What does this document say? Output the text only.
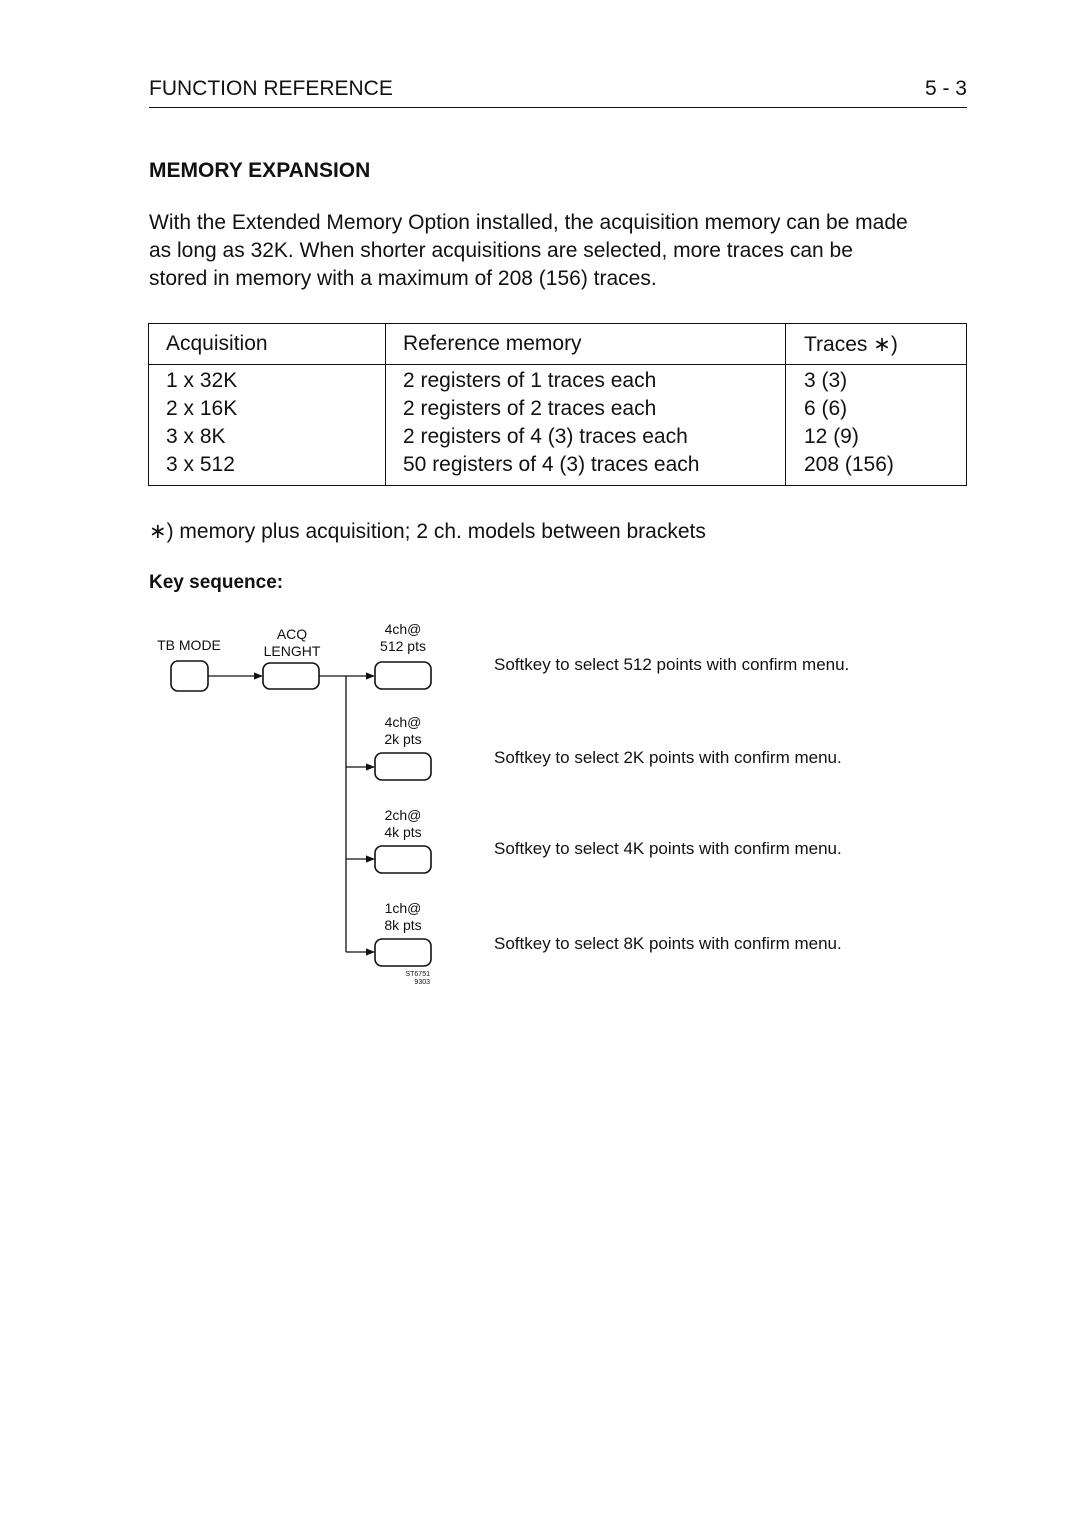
FUNCTION REFERENCE	5 - 3
MEMORY EXPANSION
With the Extended Memory Option installed, the acquisition memory can be made
as long as 32K. When shorter acquisitions are selected, more traces can be
stored in memory with a maximum of 208 (156) traces.
Acquisition	Reference memory	Traces ∗)
1 x 32K	2 registers of 1 traces each	3 (3)
2 x 16K	2 registers of 2 traces each	6 (6)
3 x 8K	2 registers of 4 (3) traces each	12 (9)
3 x 512	50 registers of 4 (3) traces each	208 (156)
∗) memory plus acquisition; 2 ch. models between brackets
Key sequence:
TB MODE
ACQ
LENGHT
4ch@
512 pts
4ch@
2k pts
2ch@
4k pts
1ch@
8k pts
ST6751
9303
Softkey to select 512 points with confirm menu.
Softkey to select 2K points with confirm menu.
Softkey to select 4K points with confirm menu.
Softkey to select 8K points with confirm menu.
